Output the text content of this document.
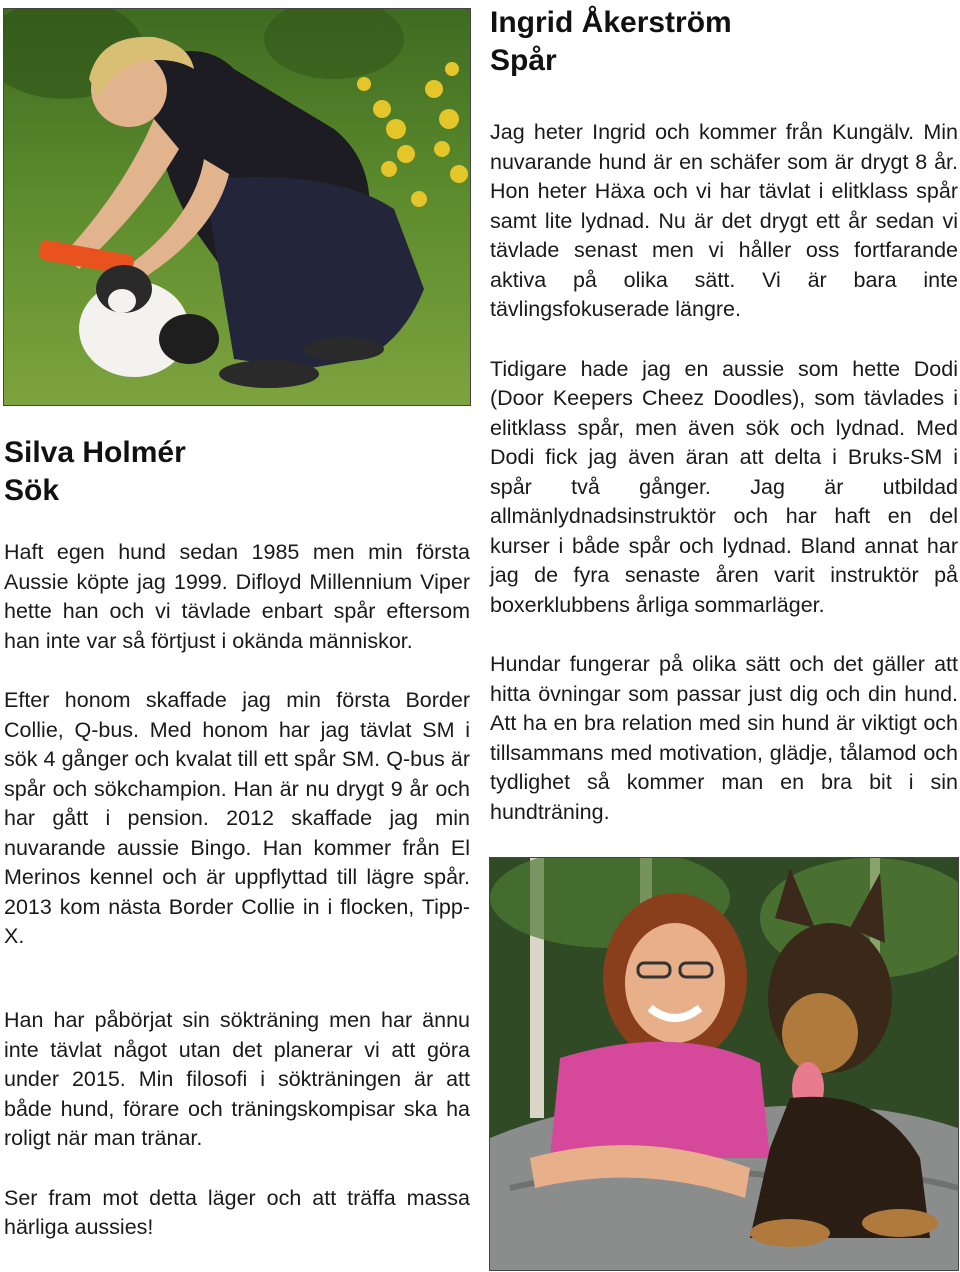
Ingrid Åkerström

Spår

Jag heter Ingrid och kommer från Kungälv. Min nuvarande hund är en schäfer som är drygt 8 år. Hon heter Häxa och vi har tävlat i elitklass spår samt lite lydnad. Nu är det drygt ett år sedan vi tävlade senast men vi håller oss fortfarande aktiva på olika sätt. Vi är bara inte tävlingsfokuserade längre.

Tidigare hade jag en aussie som hette Dodi (Door Keepers Cheez Doodles), som tävlades i elitklass spår, men även sök och lydnad. Med Dodi fick jag även äran att delta i Bruks-SM i spår två gånger. Jag är utbildad allmänlydnadsinstruktör och har haft en del kurser i både spår och lydnad. Bland annat har jag de fyra senaste åren varit instruktör på boxerklubbens årliga sommarläger.

Hundar fungerar på olika sätt och det gäller att hitta övningar som passar just dig och din hund. Att ha en bra relation med sin hund är viktigt och tillsammans med motivation, glädje, tålamod och tydlighet så kommer man en bra bit i sin hundträning.

Silva Holmér

Sök

Haft egen hund sedan 1985 men min första Aussie köpte jag 1999. Difloyd Millennium Viper hette han och vi tävlade enbart spår eftersom han inte var så förtjust i okända människor.

Efter honom skaffade jag min första Border Collie, Q-bus. Med honom har jag tävlat SM i sök 4 gånger och kvalat till ett spår SM. Q-bus är spår och sökchampion. Han är nu drygt 9 år och har gått i pension. 2012 skaffade jag min nuvarande aussie Bingo. Han kommer från El Merinos kennel och är uppflyttad till lägre spår. 2013 kom nästa Border Collie in i flocken, Tipp-X.

Han har påbörjat sin sökträning men har ännu inte tävlat något utan det planerar vi att göra under 2015. Min filosofi i sökträningen är att både hund, förare och träningskompisar ska ha roligt när man tränar.

Ser fram mot detta läger och att träffa massa härliga aussies!
